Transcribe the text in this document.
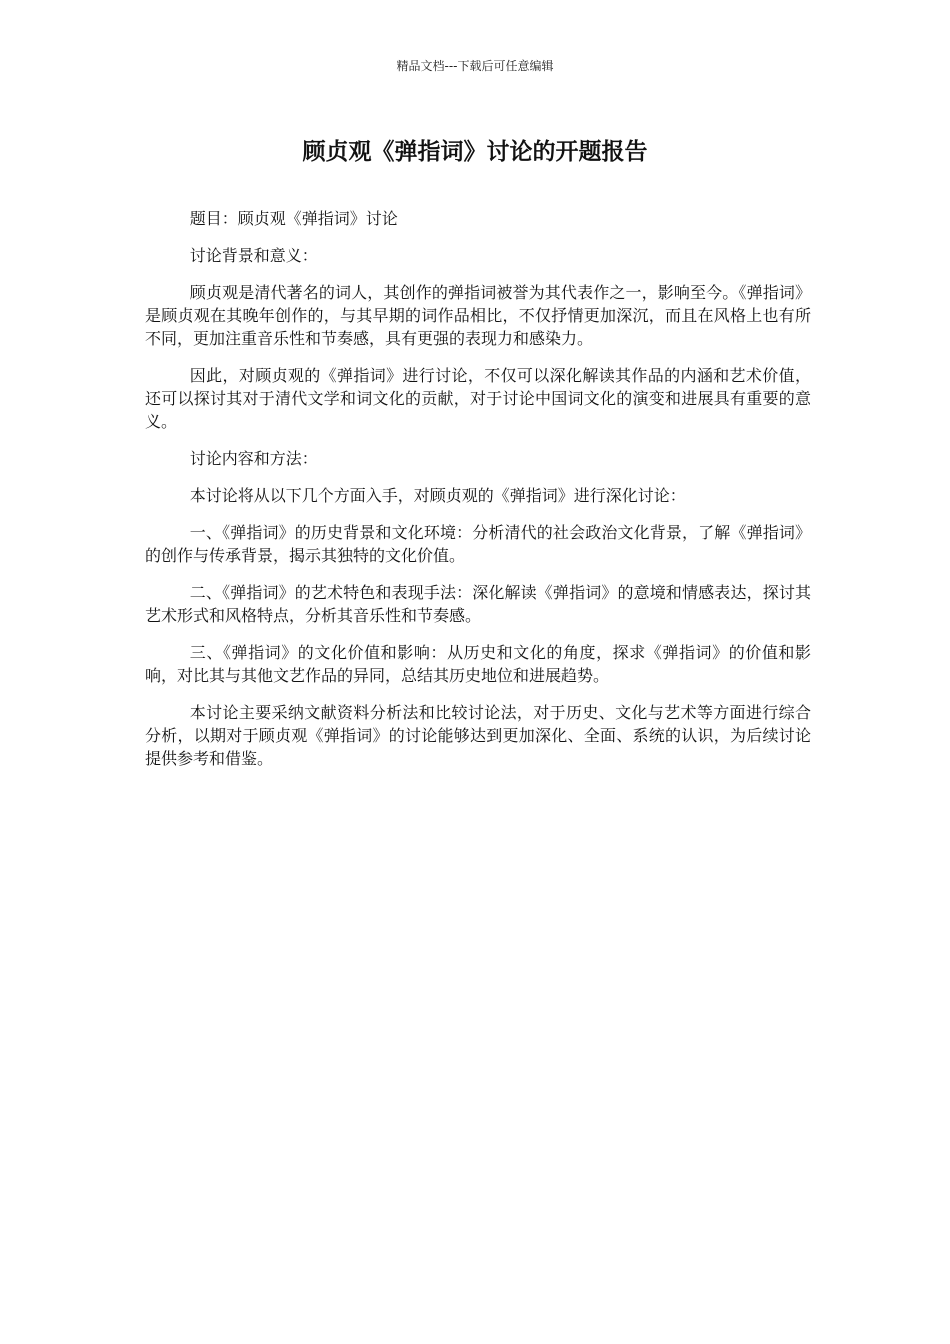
精品文档---下载后可任意编辑
顾贞观《弹指词》讨论的开题报告

题目：顾贞观《弹指词》讨论

讨论背景和意义：

顾贞观是清代著名的词人，其创作的弹指词被誉为其代表作之一，影响至今。《弹指词》是顾贞观在其晚年创作的，与其早期的词作品相比，不仅抒情更加深沉，而且在风格上也有所不同，更加注重音乐性和节奏感，具有更强的表现力和感染力。

因此，对顾贞观的《弹指词》进行讨论，不仅可以深化解读其作品的内涵和艺术价值，还可以探讨其对于清代文学和词文化的贡献，对于讨论中国词文化的演变和进展具有重要的意义。

讨论内容和方法：

本讨论将从以下几个方面入手，对顾贞观的《弹指词》进行深化讨论：

一、《弹指词》的历史背景和文化环境：分析清代的社会政治文化背景，了解《弹指词》的创作与传承背景，揭示其独特的文化价值。

二、《弹指词》的艺术特色和表现手法：深化解读《弹指词》的意境和情感表达，探讨其艺术形式和风格特点，分析其音乐性和节奏感。

三、《弹指词》的文化价值和影响：从历史和文化的角度，探求《弹指词》的价值和影响，对比其与其他文艺作品的异同，总结其历史地位和进展趋势。

本讨论主要采纳文献资料分析法和比较讨论法，对于历史、文化与艺术等方面进行综合分析，以期对于顾贞观《弹指词》的讨论能够达到更加深化、全面、系统的认识，为后续讨论提供参考和借鉴。
